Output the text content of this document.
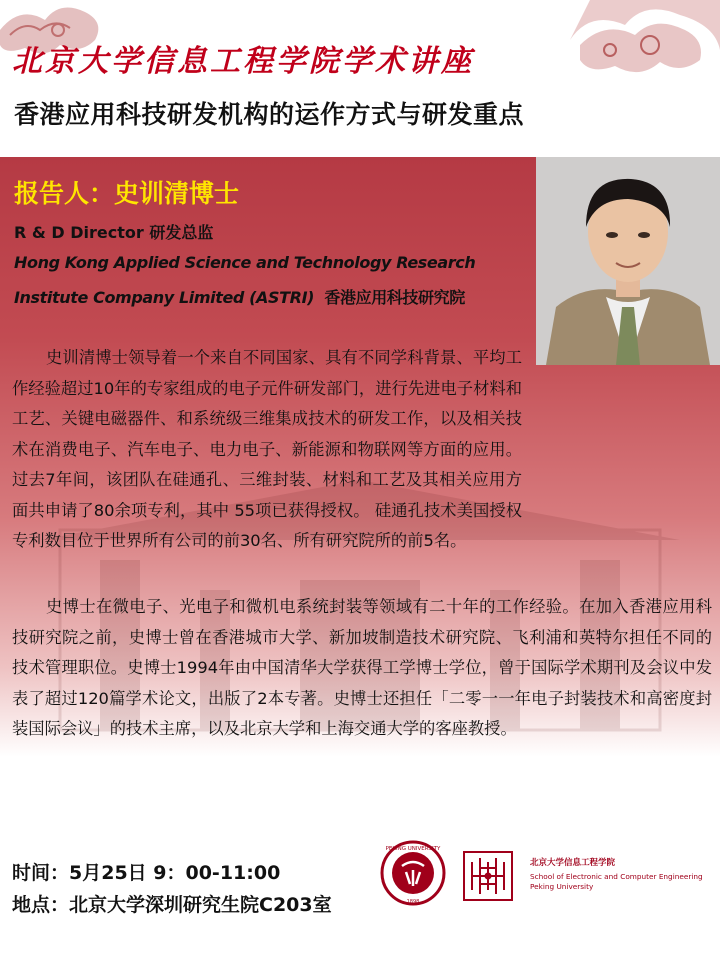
北京大学信息工程学院学术讲座
香港应用科技研发机构的运作方式与研发重点
报告人：史训清博士
R & D Director 研发总监
Hong Kong Applied Science and Technology Research
Institute Company Limited (ASTRI) 香港应用科技研究院

史训清博士领导着一个来自不同国家、具有不同学科背景、平均工作经验超过10年的专家组成的电子元件研发部门，进行先进电子材料和工艺、关键电磁器件、和系统级三维集成技术的研发工作，以及相关技术在消费电子、汽车电子、电力电子、新能源和物联网等方面的应用。过去7年间，该团队在硅通孔、三维封装、材料和工艺及其相关应用方面共申请了80余项专利，其中 55项已获得授权。 硅通孔技术美国授权专利数目位于世界所有公司的前30名、所有研究院所的前5名。

史博士在微电子、光电子和微机电系统封装等领域有二十年的工作经验。在加入香港应用科技研究院之前，史博士曾在香港城市大学、新加坡制造技术研究院、飞利浦和英特尔担任不同的技术管理职位。史博士1994年由中国清华大学获得工学博士学位，曾于国际学术期刊及会议中发表了超过120篇学术论文，出版了2本专著。史博士还担任「二零一一年电子封装技术和高密度封装国际会议」的技术主席，以及北京大学和上海交通大学的客座教授。

时间：5月25日 9：00-11:00
地点：北京大学深圳研究生院C203室
PEKING UNIVERSITY
1898
北京大学信息工程学院
School of Electronic and Computer Engineering
Peking University
